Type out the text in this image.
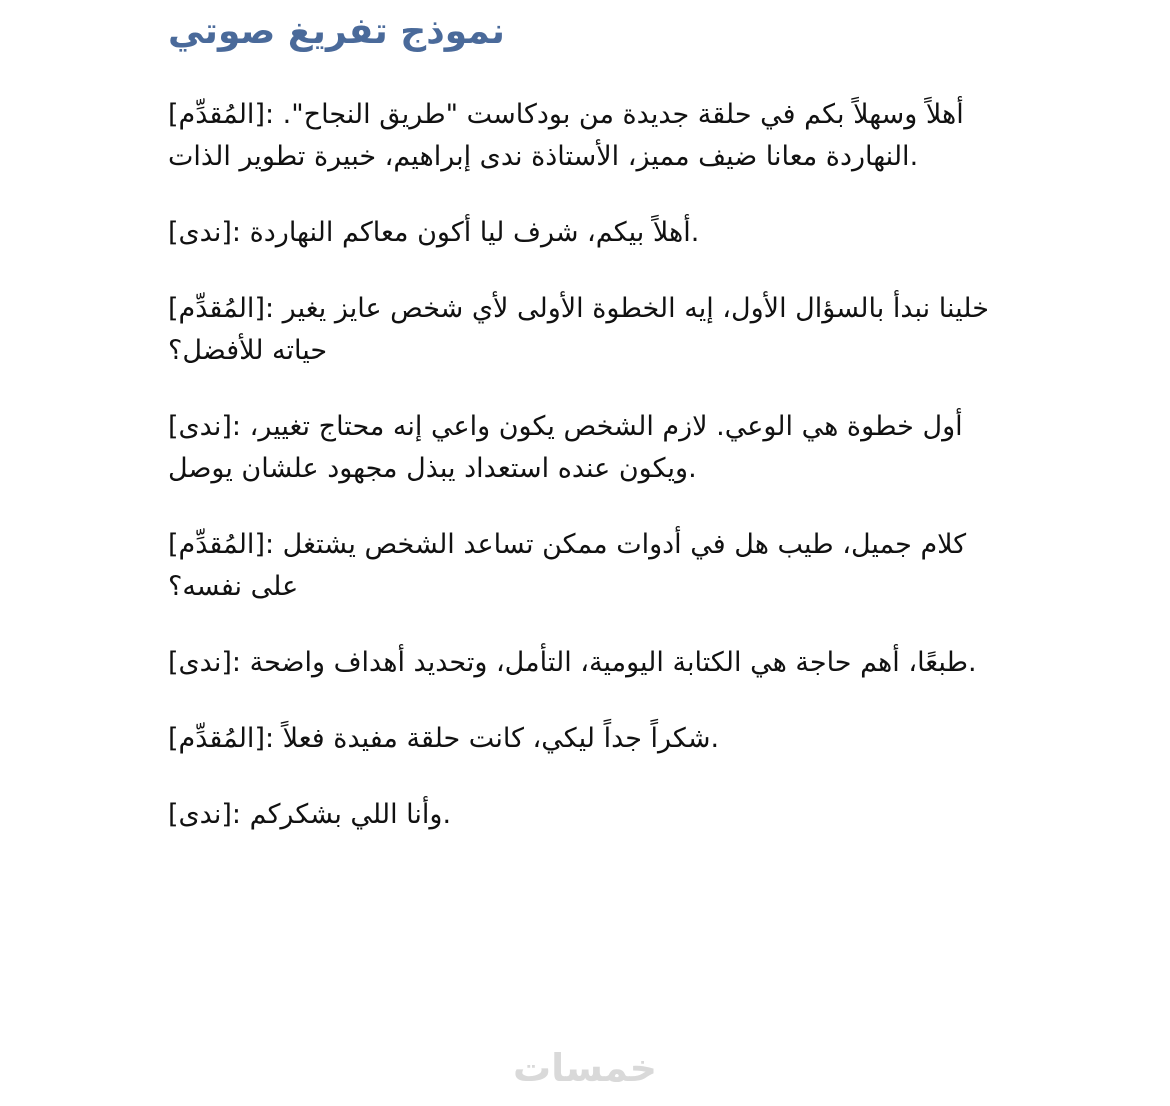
نموذج تفريغ صوتي

[المُقدِّم]: أهلاً وسهلاً بكم في حلقة جديدة من بودكاست "طريق النجاح". النهاردة معانا ضيف مميز، الأستاذة ندى إبراهيم، خبيرة تطوير الذات.

[ندى]: أهلاً بيكم، شرف ليا أكون معاكم النهاردة.

[المُقدِّم]: خلينا نبدأ بالسؤال الأول، إيه الخطوة الأولى لأي شخص عايز يغير حياته للأفضل؟

[ندى]: أول خطوة هي الوعي. لازم الشخص يكون واعي إنه محتاج تغيير، ويكون عنده استعداد يبذل مجهود علشان يوصل.

[المُقدِّم]: كلام جميل، طيب هل في أدوات ممكن تساعد الشخص يشتغل على نفسه؟

[ندى]: طبعًا، أهم حاجة هي الكتابة اليومية، التأمل، وتحديد أهداف واضحة.

[المُقدِّم]: شكراً جداً ليكي، كانت حلقة مفيدة فعلاً.

[ندى]: وأنا اللي بشكركم.

خمسات
